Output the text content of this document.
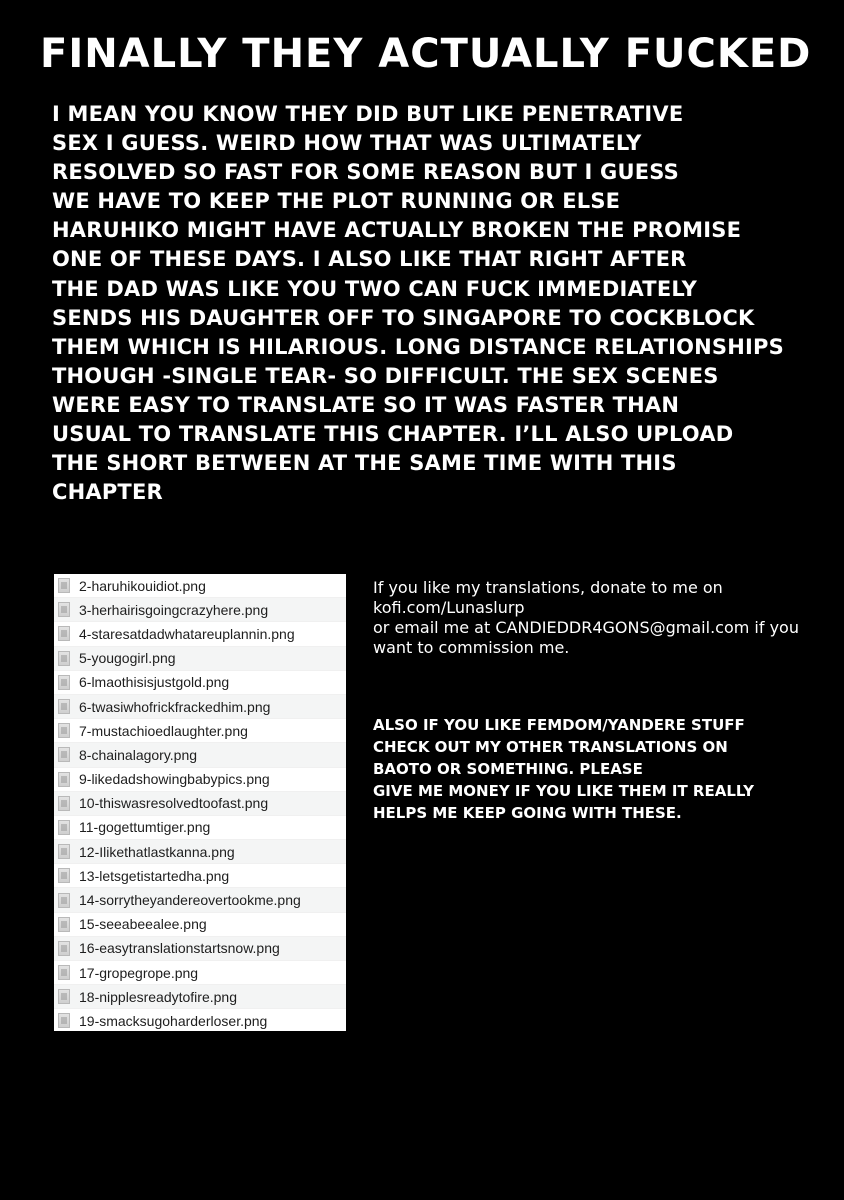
FINALLY THEY ACTUALLY FUCKED
I MEAN YOU KNOW THEY DID BUT LIKE PENETRATIVE
SEX I GUESS. WEIRD HOW THAT WAS ULTIMATELY
RESOLVED SO FAST FOR SOME REASON BUT I GUESS
WE HAVE TO KEEP THE PLOT RUNNING OR ELSE
HARUHIKO MIGHT HAVE ACTUALLY BROKEN THE PROMISE
ONE OF THESE DAYS. I ALSO LIKE THAT RIGHT AFTER
THE DAD WAS LIKE YOU TWO CAN FUCK IMMEDIATELY
SENDS HIS DAUGHTER OFF TO SINGAPORE TO COCKBLOCK
THEM WHICH IS HILARIOUS. LONG DISTANCE RELATIONSHIPS
THOUGH -SINGLE TEAR- SO DIFFICULT. THE SEX SCENES
WERE EASY TO TRANSLATE SO IT WAS FASTER THAN
USUAL TO TRANSLATE THIS CHAPTER. I’LL ALSO UPLOAD
THE SHORT BETWEEN AT THE SAME TIME WITH THIS
CHAPTER
2-haruhikouidiot.png
3-herhairisgoingcrazyhere.png
4-staresatdadwhatareuplannin.png
5-yougogirl.png
6-lmaothisisjustgold.png
6-twasiwhofrickfrackedhim.png
7-mustachioedlaughter.png
8-chainalagory.png
9-likedadshowingbabypics.png
10-thiswasresolvedtoofast.png
11-gogettumtiger.png
12-Ilikethatlastkanna.png
13-letsgetistartedha.png
14-sorrytheyandereovertookme.png
15-seeabeealee.png
16-easytranslationstartsnow.png
17-gropegrope.png
18-nipplesreadytofire.png
19-smacksugoharderloser.png
If you like my translations, donate to me on
kofi.com/Lunaslurp
or email me at CANDIEDDR4GONS@gmail.com if you
want to commission me.
ALSO IF YOU LIKE FEMDOM/YANDERE STUFF
CHECK OUT MY OTHER TRANSLATIONS ON
BAOTO OR SOMETHING. PLEASE
GIVE ME MONEY IF YOU LIKE THEM IT REALLY
HELPS ME KEEP GOING WITH THESE.
